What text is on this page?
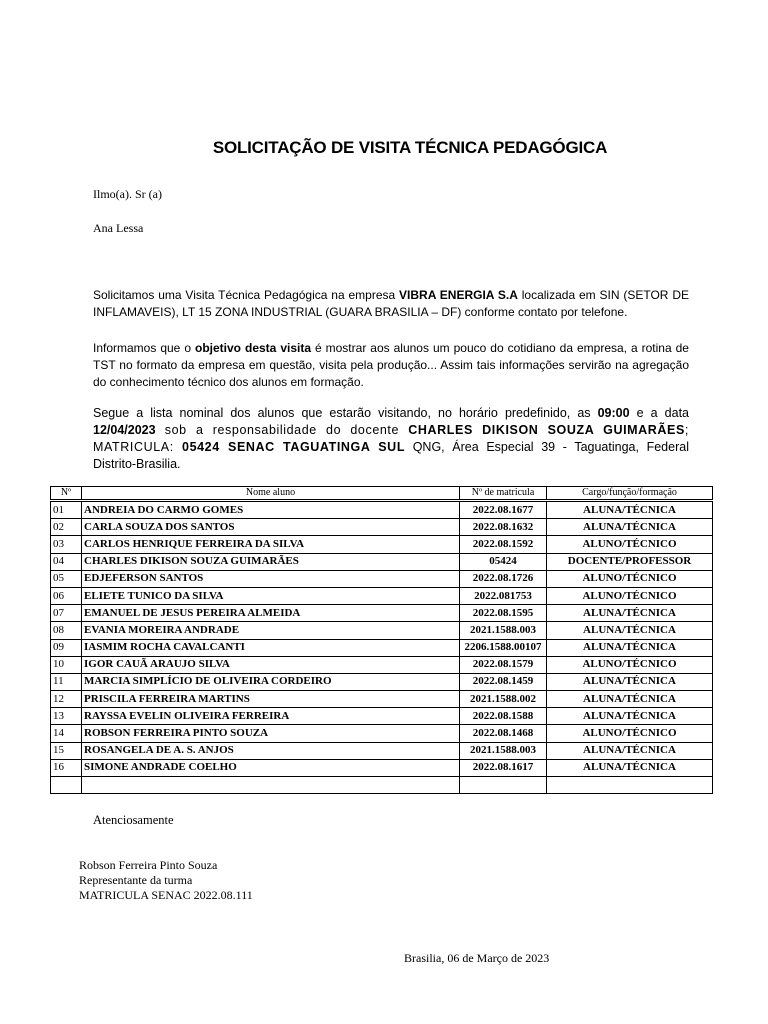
SOLICITAÇÃO DE VISITA TÉCNICA PEDAGÓGICA
Ilmo(a). Sr (a)
Ana Lessa
Solicitamos uma Visita Técnica Pedagógica na empresa VIBRA ENERGIA S.A localizada em SIN (SETOR DE INFLAMAVEIS), LT 15 ZONA INDUSTRIAL (GUARA BRASILIA – DF) conforme contato por telefone.
Informamos que o objetivo desta visita é mostrar aos alunos um pouco do cotidiano da empresa, a rotina de TST no formato da empresa em questão, visita pela produção... Assim tais informações servirão na agregação do conhecimento técnico dos alunos em formação.
Segue a lista nominal dos alunos que estarão visitando, no horário predefinido, as 09:00 e a data 12/04/2023 sob a responsabilidade do docente CHARLES DIKISON SOUZA GUIMARÃES; MATRICULA: 05424 SENAC TAGUATINGA SUL QNG, Área Especial 39 - Taguatinga, Federal Distrito-Brasilia.
Nº	Nome aluno	Nº de matricula	Cargo/função/formação
01	ANDREIA DO CARMO GOMES	2022.08.1677	ALUNA/TÉCNICA
02	CARLA SOUZA DOS SANTOS	2022.08.1632	ALUNA/TÉCNICA
03	CARLOS HENRIQUE FERREIRA DA SILVA	2022.08.1592	ALUNO/TÉCNICO
04	CHARLES DIKISON SOUZA GUIMARÃES	05424	DOCENTE/PROFESSOR
05	EDJEFERSON SANTOS	2022.08.1726	ALUNO/TÉCNICO
06	ELIETE TUNICO DA SILVA	2022.081753	ALUNO/TÉCNICO
07	EMANUEL DE JESUS PEREIRA ALMEIDA	2022.08.1595	ALUNA/TÉCNICA
08	EVANIA MOREIRA ANDRADE	2021.1588.003	ALUNA/TÉCNICA
09	IASMIM ROCHA CAVALCANTI	2206.1588.00107	ALUNA/TÉCNICA
10	IGOR CAUÃ ARAUJO SILVA	2022.08.1579	ALUNO/TÉCNICO
11	MARCIA SIMPLÍCIO DE OLIVEIRA CORDEIRO	2022.08.1459	ALUNA/TÉCNICA
12	PRISCILA FERREIRA MARTINS	2021.1588.002	ALUNA/TÉCNICA
13	RAYSSA EVELIN OLIVEIRA FERREIRA	2022.08.1588	ALUNA/TÉCNICA
14	ROBSON FERREIRA PINTO SOUZA	2022.08.1468	ALUNO/TÉCNICO
15	ROSANGELA DE A. S. ANJOS	2021.1588.003	ALUNA/TÉCNICA
16	SIMONE ANDRADE COELHO	2022.08.1617	ALUNA/TÉCNICA

Atenciosamente
Robson Ferreira Pinto Souza
Representante da turma
MATRICULA SENAC 2022.08.111
Brasilia, 06 de Março de 2023
